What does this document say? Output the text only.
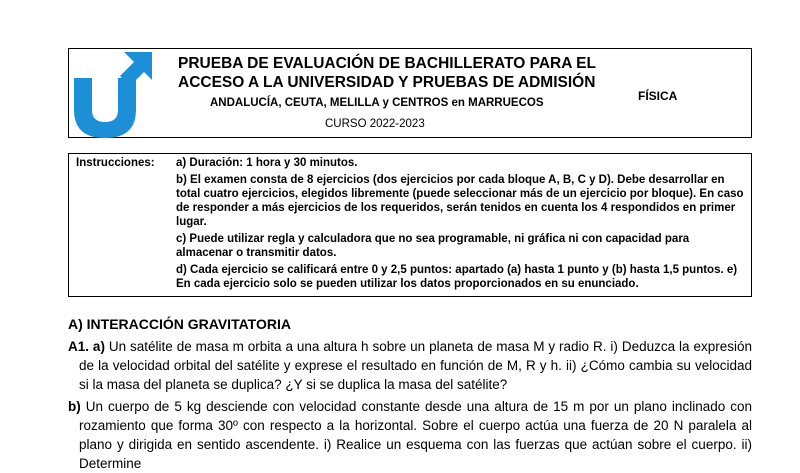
PRUEBA DE EVALUACIÓN DE BACHILLERATO PARA EL
ACCESO A LA UNIVERSIDAD Y PRUEBAS DE ADMISIÓN
ANDALUCÍA, CEUTA, MELILLA y CENTROS en MARRUECOS
CURSO 2022-2023
FÍSICA
Instrucciones: a) Duración: 1 hora y 30 minutos.

b) El examen consta de 8 ejercicios (dos ejercicios por cada bloque A, B, C y D). Debe desarrollar en total cuatro ejercicios, elegidos libremente (puede seleccionar más de un ejercicio por bloque). En caso de responder a más ejercicios de los requeridos, serán tenidos en cuenta los 4 respondidos en primer lugar.

c) Puede utilizar regla y calculadora que no sea programable, ni gráfica ni con capacidad para almacenar o transmitir datos.

d) Cada ejercicio se calificará entre 0 y 2,5 puntos: apartado (a) hasta 1 punto y (b) hasta 1,5 puntos. e) En cada ejercicio solo se pueden utilizar los datos proporcionados en su enunciado.

A) INTERACCIÓN GRAVITATORIA

A1. a) Un satélite de masa m orbita a una altura h sobre un planeta de masa M y radio R. i) Deduzca la expresión de la velocidad orbital del satélite y exprese el resultado en función de M, R y h. ii) ¿Cómo cambia su velocidad si la masa del planeta se duplica? ¿Y si se duplica la masa del satélite?

b) Un cuerpo de 5 kg desciende con velocidad constante desde una altura de 15 m por un plano inclinado con rozamiento que forma 30º con respecto a la horizontal. Sobre el cuerpo actúa una fuerza de 20 N paralela al plano y dirigida en sentido ascendente. i) Realice un esquema con las fuerzas que actúan sobre el cuerpo. ii) Determine
